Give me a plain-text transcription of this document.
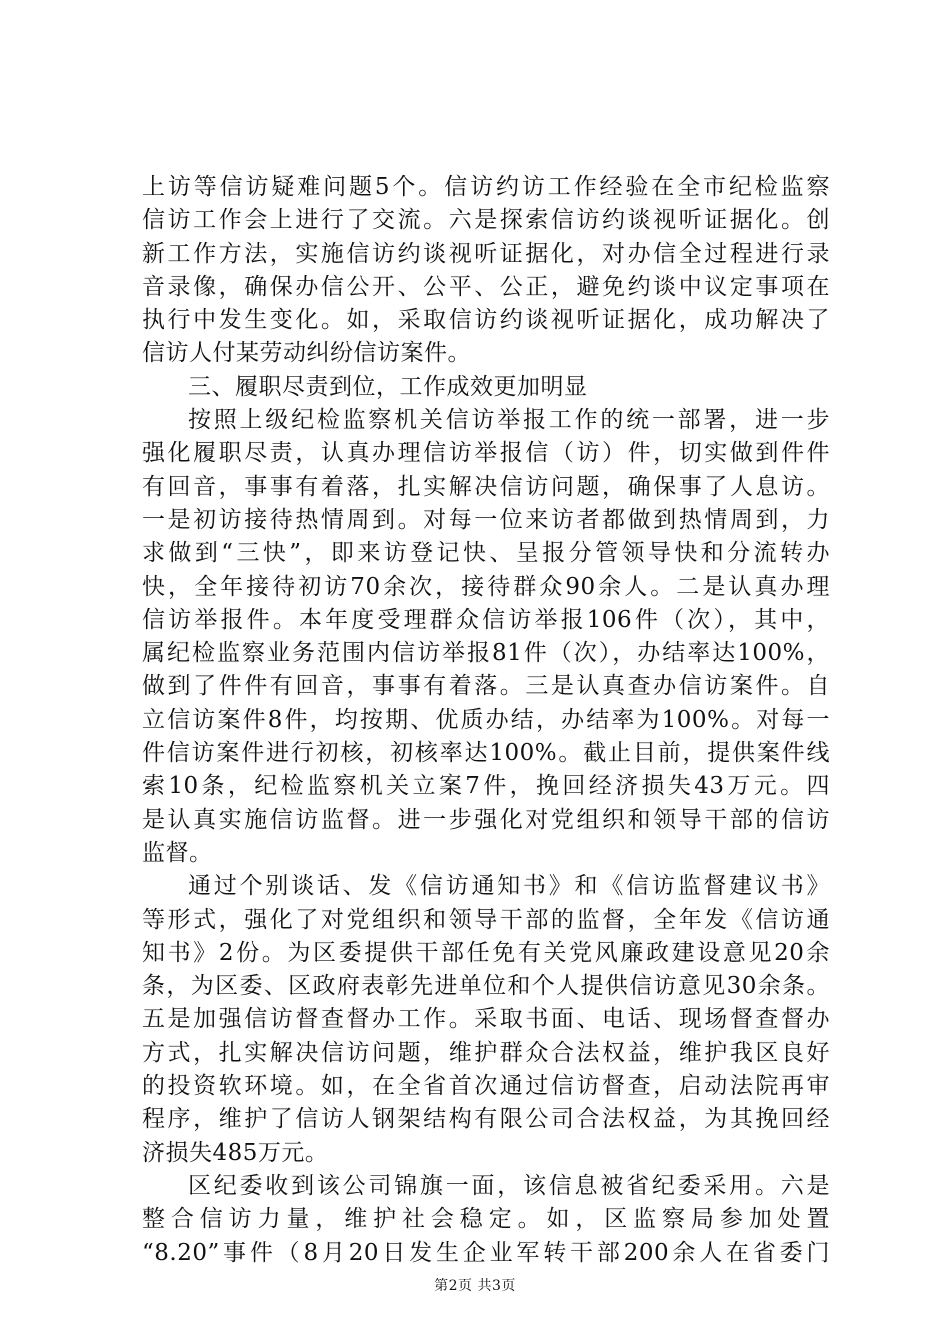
上访等信访疑难问题5个。信访约访工作经验在全市纪检监察
信访工作会上进行了交流。六是探索信访约谈视听证据化。创
新工作方法，实施信访约谈视听证据化，对办信全过程进行录
音录像，确保办信公开、公平、公正，避免约谈中议定事项在
执行中发生变化。如，采取信访约谈视听证据化，成功解决了
信访人付某劳动纠纷信访案件。
三、履职尽责到位，工作成效更加明显
按照上级纪检监察机关信访举报工作的统一部署，进一步
强化履职尽责，认真办理信访举报信（访）件，切实做到件件
有回音，事事有着落，扎实解决信访问题，确保事了人息访。
一是初访接待热情周到。对每一位来访者都做到热情周到，力
求做到“三快”，即来访登记快、呈报分管领导快和分流转办
快，全年接待初访70余次，接待群众90余人。二是认真办理
信访举报件。本年度受理群众信访举报106件（次），其中，
属纪检监察业务范围内信访举报81件（次），办结率达100%，
做到了件件有回音，事事有着落。三是认真查办信访案件。自
立信访案件8件，均按期、优质办结，办结率为100%。对每一
件信访案件进行初核，初核率达100%。截止目前，提供案件线
索10条，纪检监察机关立案7件，挽回经济损失43万元。四
是认真实施信访监督。进一步强化对党组织和领导干部的信访
监督。
通过个别谈话、发《信访通知书》和《信访监督建议书》
等形式，强化了对党组织和领导干部的监督，全年发《信访通
知书》2份。为区委提供干部任免有关党风廉政建设意见20余
条，为区委、区政府表彰先进单位和个人提供信访意见30余条。
五是加强信访督查督办工作。采取书面、电话、现场督查督办
方式，扎实解决信访问题，维护群众合法权益，维护我区良好
的投资软环境。如，在全省首次通过信访督查，启动法院再审
程序，维护了信访人钢架结构有限公司合法权益，为其挽回经
济损失485万元。
区纪委收到该公司锦旗一面，该信息被省纪委采用。六是
整合信访力量，维护社会稳定。如，区监察局参加处置
“8.20”事件（8月20日发生企业军转干部200余人在省委门
第2页 共3页
